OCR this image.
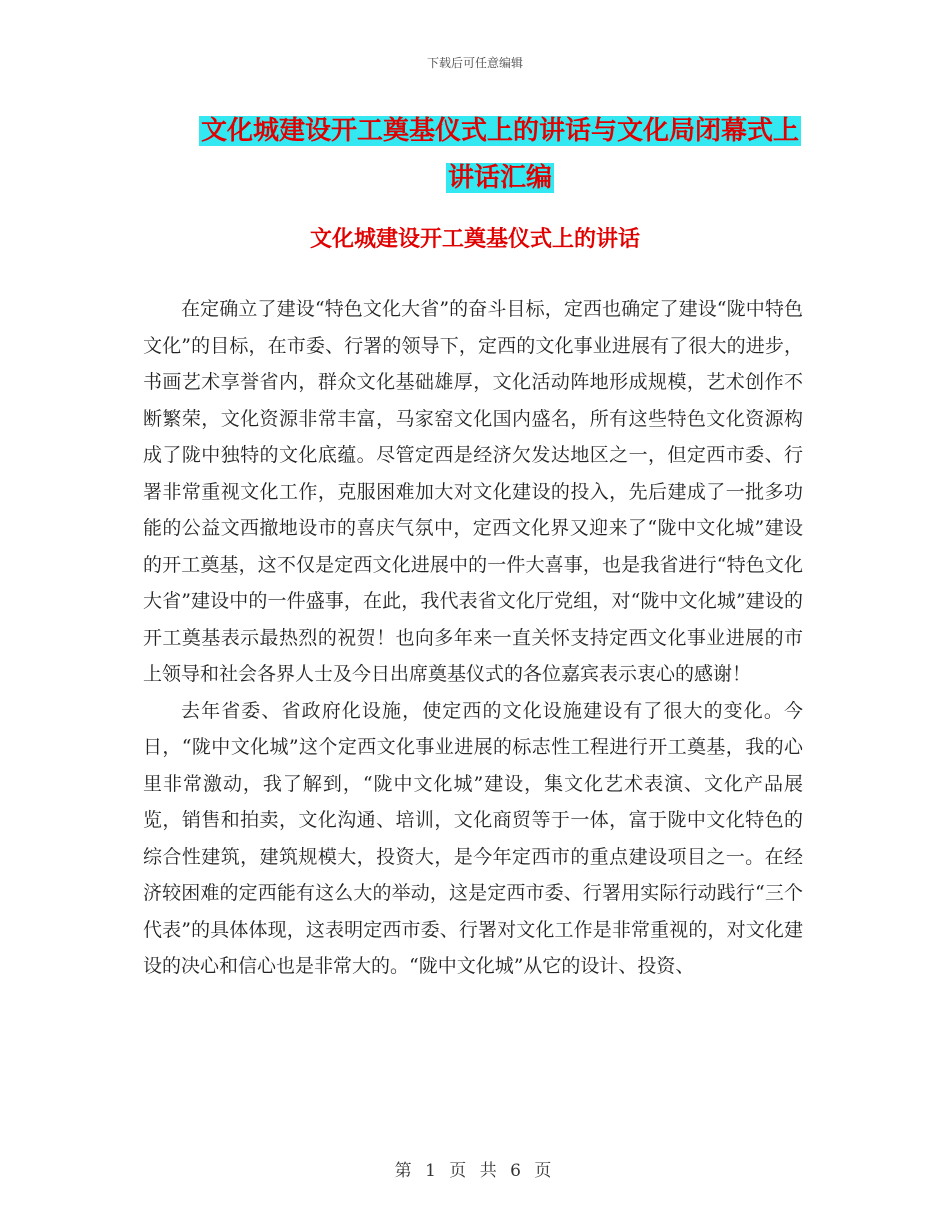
下载后可任意编辑
文化城建设开工奠基仪式上的讲话与文化局闭幕式上
讲话汇编
文化城建设开工奠基仪式上的讲话

在定确立了建设“特色文化大省”的奋斗目标，定西也确定了建设“陇中特色文化”的目标，在市委、行署的领导下，定西的文化事业进展有了很大的进步，书画艺术享誉省内，群众文化基础雄厚，文化活动阵地形成规模，艺术创作不断繁荣，文化资源非常丰富，马家窑文化国内盛名，所有这些特色文化资源构成了陇中独特的文化底蕴。尽管定西是经济欠发达地区之一，但定西市委、行署非常重视文化工作，克服困难加大对文化建设的投入，先后建成了一批多功能的公益文西撤地设市的喜庆气氛中，定西文化界又迎来了“陇中文化城”建设的开工奠基，这不仅是定西文化进展中的一件大喜事，也是我省进行“特色文化大省”建设中的一件盛事，在此，我代表省文化厅党组，对“陇中文化城”建设的开工奠基表示最热烈的祝贺！也向多年来一直关怀支持定西文化事业进展的市上领导和社会各界人士及今日出席奠基仪式的各位嘉宾表示衷心的感谢！

去年省委、省政府化设施，使定西的文化设施建设有了很大的变化。今日，“陇中文化城”这个定西文化事业进展的标志性工程进行开工奠基，我的心里非常激动，我了解到，“陇中文化城”建设，集文化艺术表演、文化产品展览，销售和拍卖，文化沟通、培训，文化商贸等于一体，富于陇中文化特色的综合性建筑，建筑规模大，投资大，是今年定西市的重点建设项目之一。在经济较困难的定西能有这么大的举动，这是定西市委、行署用实际行动践行“三个代表”的具体体现，这表明定西市委、行署对文化工作是非常重视的，对文化建设的决心和信心也是非常大的。“陇中文化城”从它的设计、投资、

第 1 页 共 6 页
